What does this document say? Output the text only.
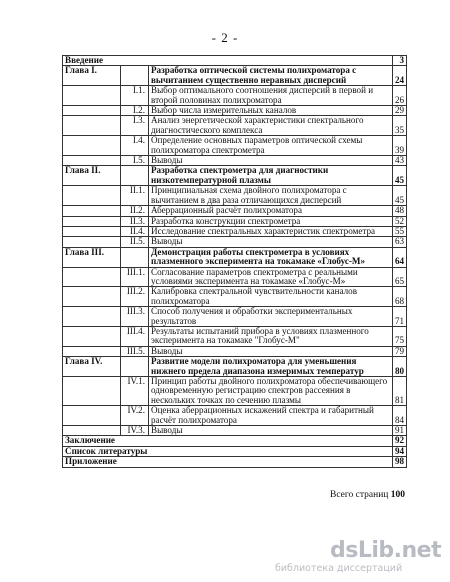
- 2 -
Введение			3
Глава I.		Разработка оптической системы полихроматора с вычитанием существенно неравных дисперсий	24
	I.1.	Выбор оптимального соотношения дисперсий в первой и второй половинах полихроматора	26
	I.2.	Выбор числа измерительных каналов	29
	I.3.	Анализ энергетической характеристики спектрального диагностического комплекса	35
	I.4.	Определение основных параметров оптической схемы полихроматора спектрометра	39
	I.5.	Выводы	43
Глава II.		Разработка спектрометра для диагностики низкотемпературной плазмы	45
	II.1.	Принципиальная схема двойного полихроматора с вычитанием в два раза отличающихся дисперсий	45
	II.2.	Аберрационный расчёт полихроматора	48
	II.3.	Разработка конструкции спектрометра	52
	II.4.	Исследование спектральных характеристик спектрометра	55
	II.5.	Выводы	63
Глава III.		Демонстрация работы спектрометра в условиях плазменного эксперимента на токамаке «Глобус-М»	64
	III.1.	Согласование параметров спектрометра с реальными условиями эксперимента на токамаке «Глобус-М»	65
	III.2.	Калибровка спектральной чувствительности каналов полихроматора	68
	III.3.	Способ получения и обработки экспериментальных результатов	71
	III.4.	Результаты испытаний прибора в условиях плазменного эксперимента на токамаке "Глобус-М"	75
	III.5.	Выводы	79
Глава IV.		Развитие модели полихроматора для уменьшения нижнего предела диапазона измеримых температур	80
	IV.1.	Принцип работы двойного полихроматора обеспечивающего одновременную регистрацию спектров рассеяния в нескольких точках по сечению плазмы	81
	IV.2.	Оценка аберрационных искажений спектра и габаритный расчёт полихроматора	84
	IV.3.	Выводы	91
Заключение			92
Список литературы			94
Приложение			98
Всего страниц 100
dsLib.net
библиотека диссертаций
